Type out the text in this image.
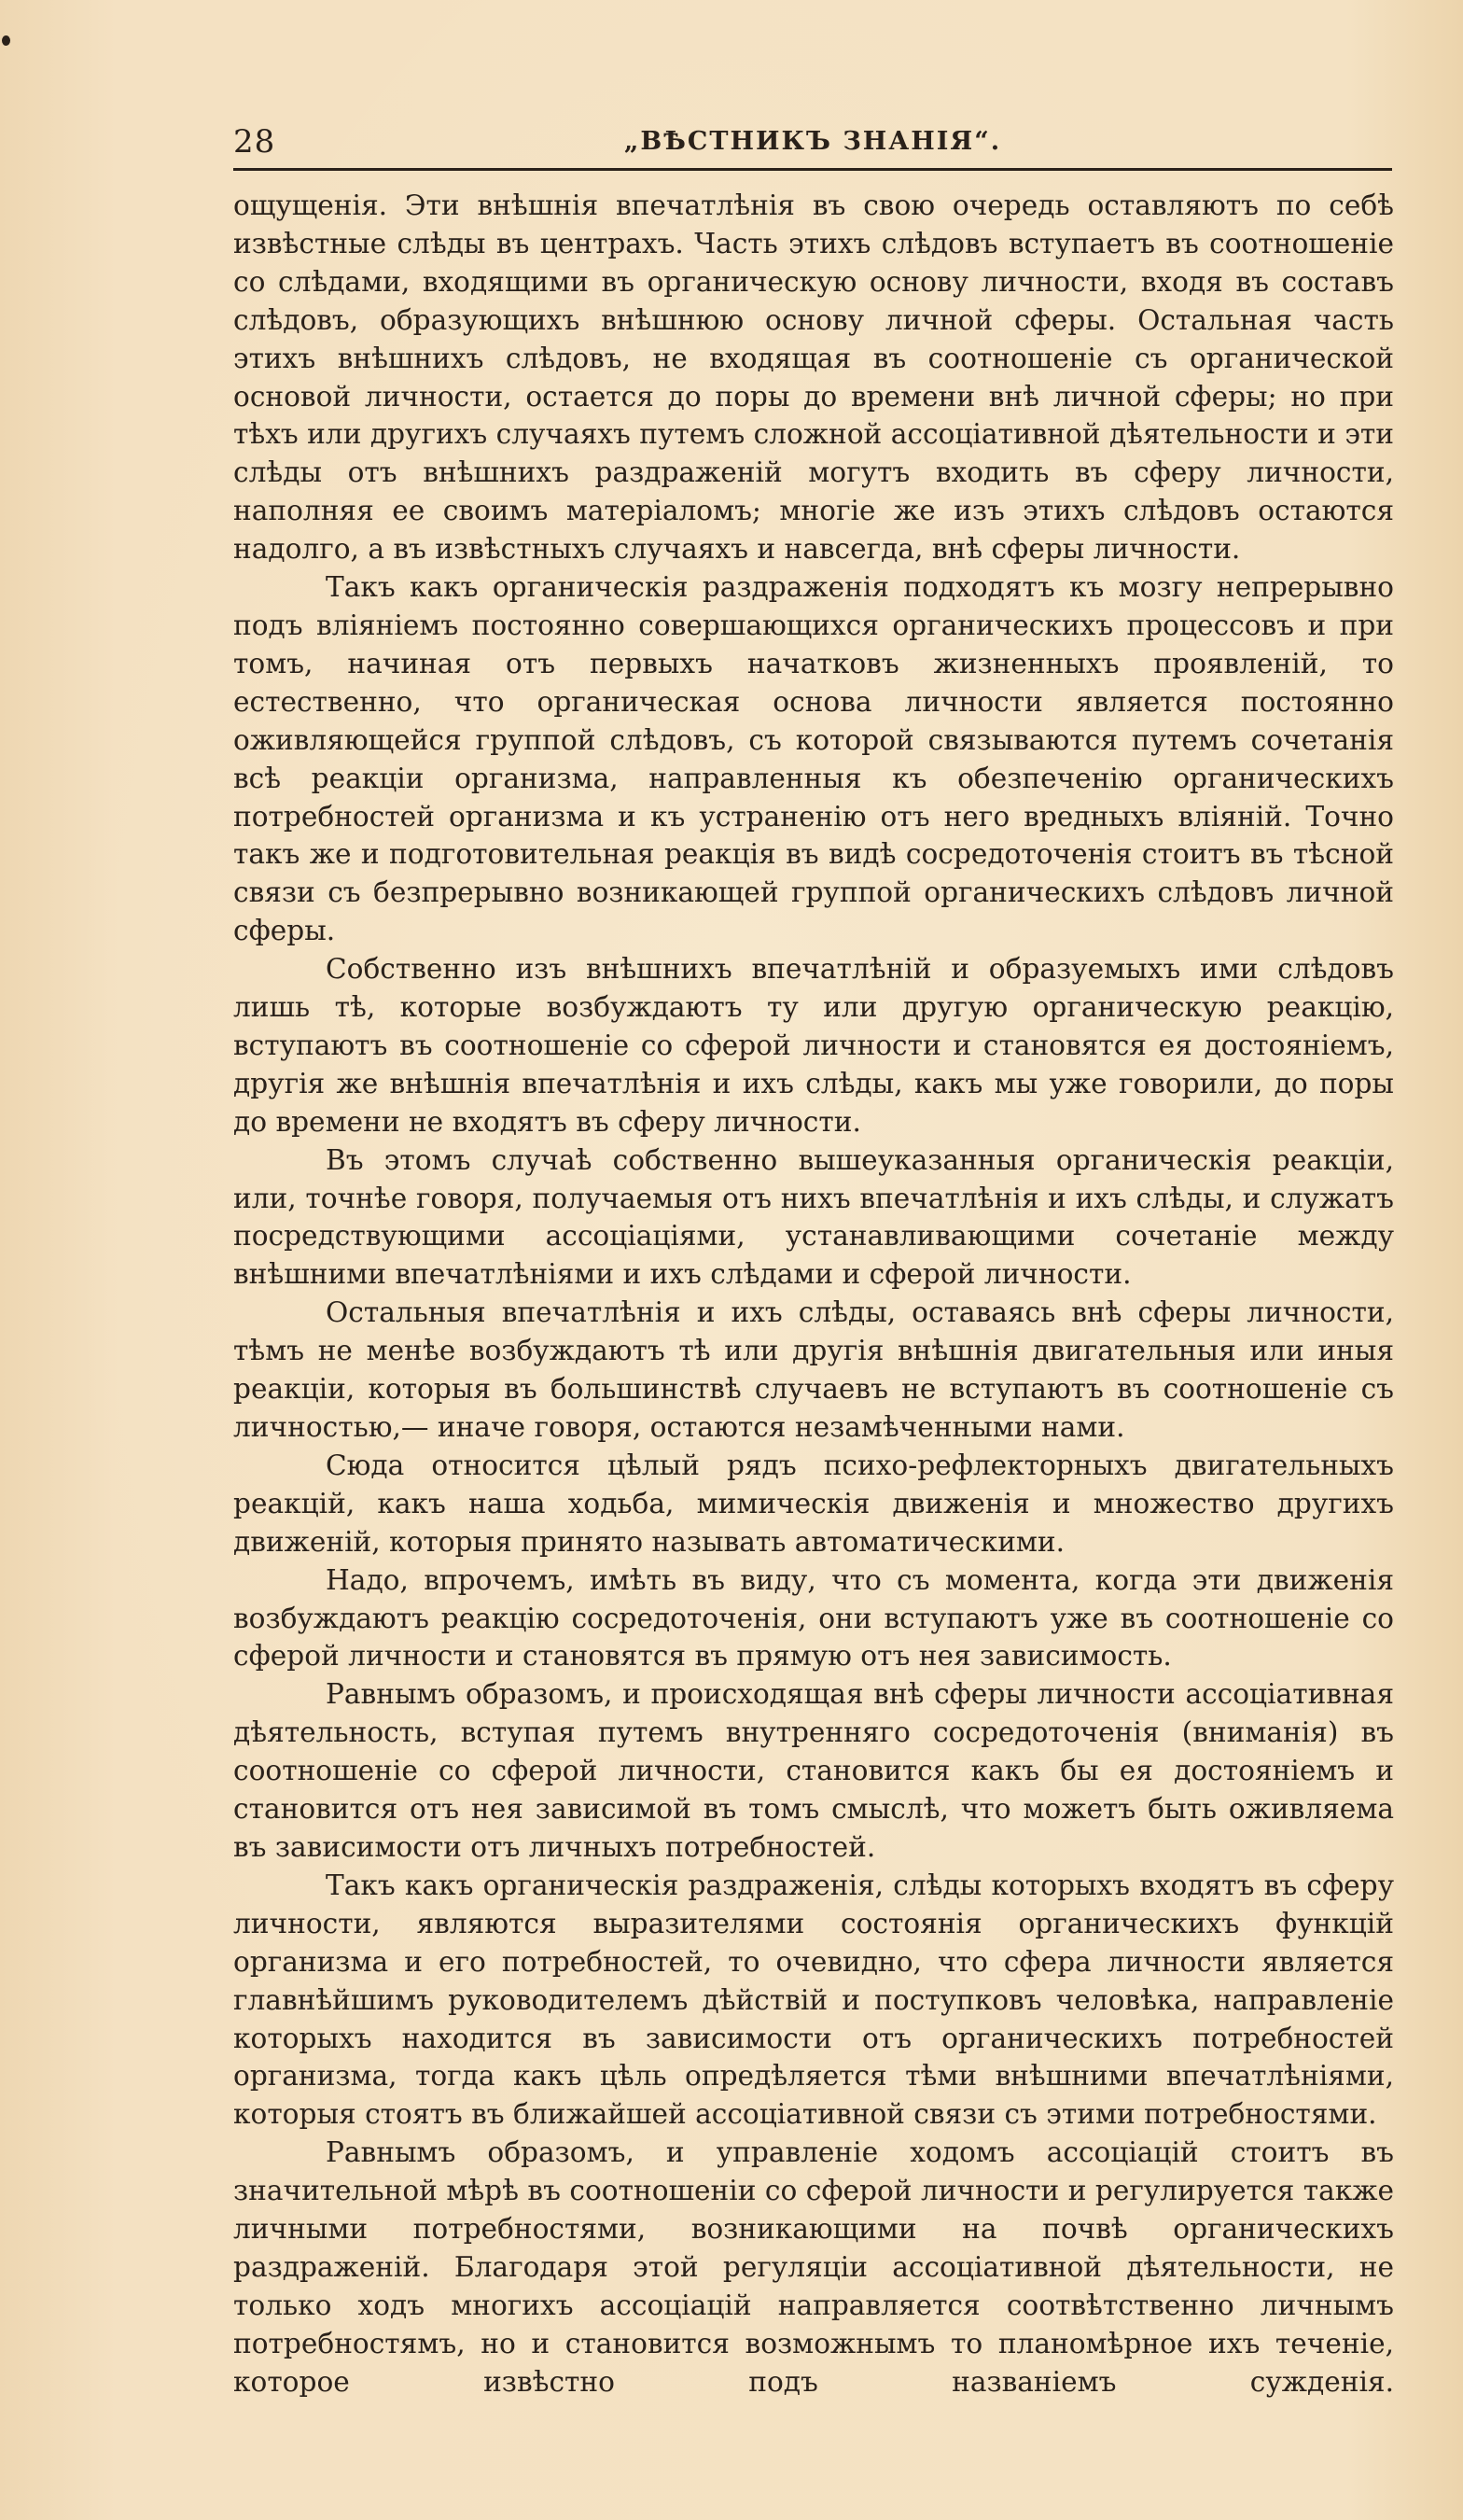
28	„ВѢСТНИКЪ ЗНАНІЯ“.

ощущенія. Эти внѣшнія впечатлѣнія въ свою очередь оставляютъ по себѣ извѣстные слѣды въ центрахъ. Часть этихъ слѣдовъ вступаетъ въ соотношеніе со слѣдами, входящими въ органическую основу личности, входя въ составъ слѣдовъ, образующихъ внѣшнюю основу личной сферы. Остальная часть этихъ внѣшнихъ слѣдовъ, не входящая въ соотношеніе съ органической основой личности, остается до поры до времени внѣ личной сферы; но при тѣхъ или другихъ случаяхъ путемъ сложной ассоціативной дѣятельности и эти слѣды отъ внѣшнихъ раздраженій могутъ входить въ сферу личности, наполняя ее своимъ матеріаломъ; многіе же изъ этихъ слѣдовъ остаются надолго, а въ извѣстныхъ случаяхъ и навсегда, внѣ сферы личности.

Такъ какъ органическія раздраженія подходятъ къ мозгу непрерывно подъ вліяніемъ постоянно совершающихся органическихъ процессовъ и при томъ, начиная отъ первыхъ начатковъ жизненныхъ проявленій, то естественно, что органическая основа личности является постоянно оживляющейся группой слѣдовъ, съ которой связываются путемъ сочетанія всѣ реакціи организма, направленныя къ обезпеченію органическихъ потребностей организма и къ устраненію отъ него вредныхъ вліяній. Точно такъ же и подготовительная реакція въ видѣ сосредоточенія стоитъ въ тѣсной связи съ безпрерывно возникающей группой органическихъ слѣдовъ личной сферы.

Собственно изъ внѣшнихъ впечатлѣній и образуемыхъ ими слѣдовъ лишь тѣ, которые возбуждаютъ ту или другую органическую реакцію, вступаютъ въ соотношеніе со сферой личности и становятся ея достояніемъ, другія же внѣшнія впечатлѣнія и ихъ слѣды, какъ мы уже говорили, до поры до времени не входятъ въ сферу личности.

Въ этомъ случаѣ собственно вышеуказанныя органическія реакціи, или, точнѣе говоря, получаемыя отъ нихъ впечатлѣнія и ихъ слѣды, и служатъ посредствующими ассоціаціями, устанавливающими сочетаніе между внѣшними впечатлѣніями и ихъ слѣдами и сферой личности.

Остальныя впечатлѣнія и ихъ слѣды, оставаясь внѣ сферы личности, тѣмъ не менѣе возбуждаютъ тѣ или другія внѣшнія двигательныя или иныя реакціи, которыя въ большинствѣ случаевъ не вступаютъ въ соотношеніе съ личностью,— иначе говоря, остаются незамѣченными нами.

Сюда относится цѣлый рядъ психо-рефлекторныхъ двигательныхъ реакцій, какъ наша ходьба, мимическія движенія и множество другихъ движеній, которыя принято называть автоматическими.

Надо, впрочемъ, имѣть въ виду, что съ момента, когда эти движенія возбуждаютъ реакцію сосредоточенія, они вступаютъ уже въ соотношеніе со сферой личности и становятся въ прямую отъ нея зависимость.

Равнымъ образомъ, и происходящая внѣ сферы личности ассоціативная дѣятельность, вступая путемъ внутренняго сосредоточенія (вниманія) въ соотношеніе со сферой личности, становится какъ бы ея достояніемъ и становится отъ нея зависимой въ томъ смыслѣ, что можетъ быть оживляема въ зависимости отъ личныхъ потребностей.

Такъ какъ органическія раздраженія, слѣды которыхъ входятъ въ сферу личности, являются выразителями состоянія органическихъ функцій организма и его потребностей, то очевидно, что сфера личности является главнѣйшимъ руководителемъ дѣйствій и поступковъ человѣка, направленіе которыхъ находится въ зависимости отъ органическихъ потребностей организма, тогда какъ цѣль опредѣляется тѣми внѣшними впечатлѣніями, которыя стоятъ въ ближайшей ассоціативной связи съ этими потребностями.

Равнымъ образомъ, и управленіе ходомъ ассоціацій стоитъ въ значительной мѣрѣ въ соотношеніи со сферой личности и регулируется также личными потребностями, возникающими на почвѣ органическихъ раздраженій. Благодаря этой регуляціи ассоціативной дѣятельности, не только ходъ многихъ ассоціацій направляется соотвѣтственно личнымъ потребностямъ, но и становится возможнымъ то планомѣрное ихъ теченіе, которое извѣстно подъ названіемъ сужденія.
